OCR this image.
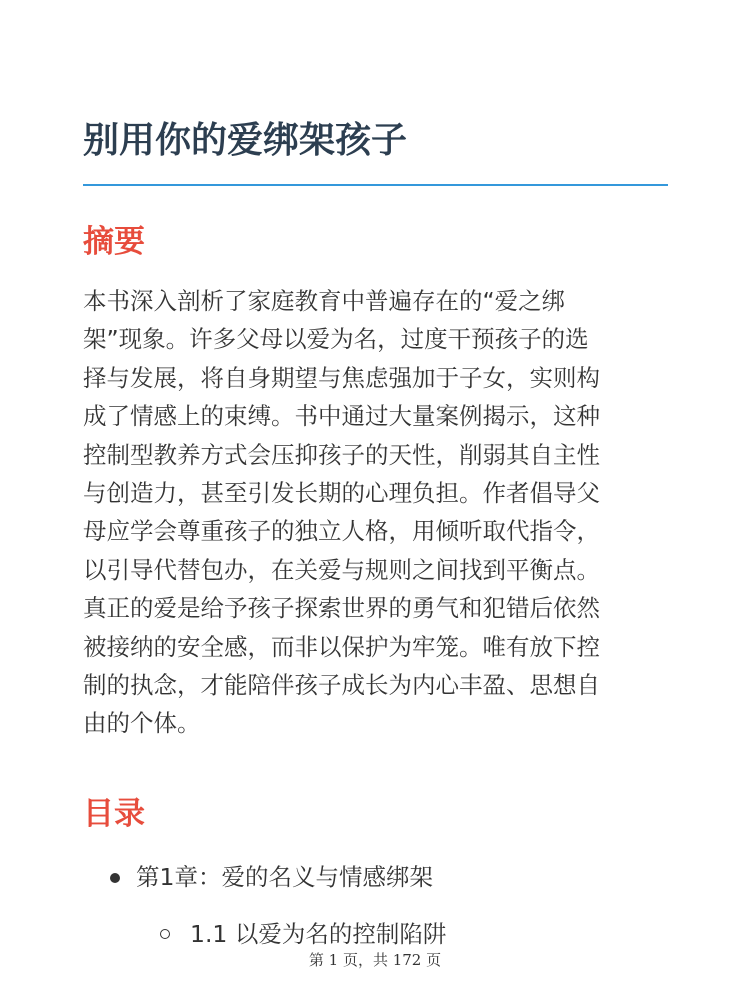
别用你的爱绑架孩子
摘要

本书深入剖析了家庭教育中普遍存在的“爱之绑
架”现象。许多父母以爱为名，过度干预孩子的选
择与发展，将自身期望与焦虑强加于子女，实则构
成了情感上的束缚。书中通过大量案例揭示，这种
控制型教养方式会压抑孩子的天性，削弱其自主性
与创造力，甚至引发长期的心理负担。作者倡导父
母应学会尊重孩子的独立人格，用倾听取代指令，
以引导代替包办，在关爱与规则之间找到平衡点。
真正的爱是给予孩子探索世界的勇气和犯错后依然
被接纳的安全感，而非以保护为牢笼。唯有放下控
制的执念，才能陪伴孩子成长为内心丰盈、思想自
由的个体。

目录
第1章：爱的名义与情感绑架
1.1 以爱为名的控制陷阱
第 1 页，共 172 页
